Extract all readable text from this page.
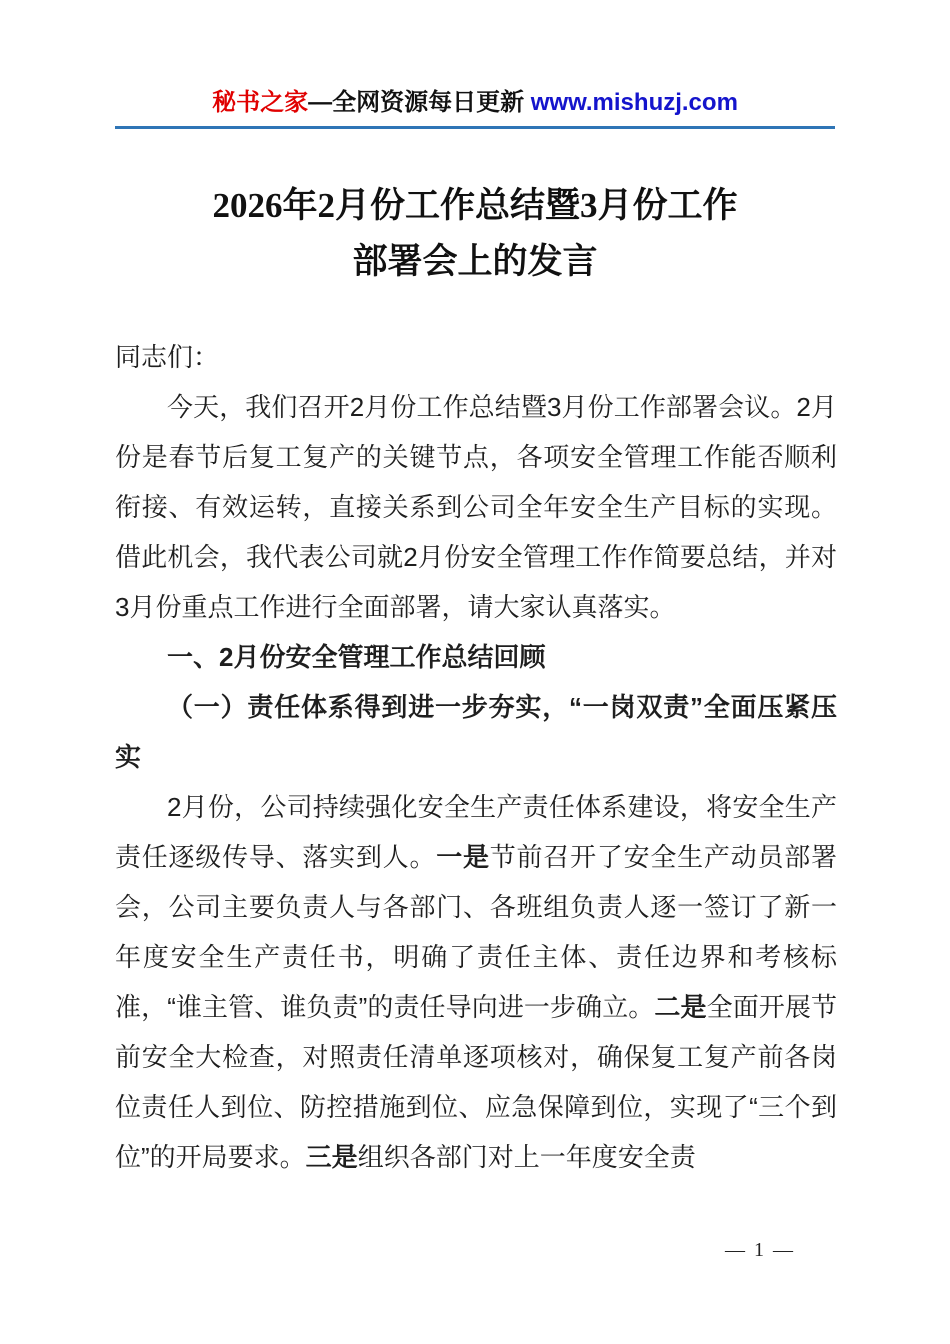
秘书之家—全网资源每日更新 www.mishuzj.com
2026年2月份工作总结暨3月份工作
部署会上的发言

同志们：

今天，我们召开2月份工作总结暨3月份工作部署会议。2月份是春节后复工复产的关键节点，各项安全管理工作能否顺利衔接、有效运转，直接关系到公司全年安全生产目标的实现。借此机会，我代表公司就2月份安全管理工作作简要总结，并对3月份重点工作进行全面部署，请大家认真落实。

一、2月份安全管理工作总结回顾

（一）责任体系得到进一步夯实，“一岗双责”全面压紧压实

2月份，公司持续强化安全生产责任体系建设，将安全生产责任逐级传导、落实到人。一是节前召开了安全生产动员部署会，公司主要负责人与各部门、各班组负责人逐一签订了新一年度安全生产责任书，明确了责任主体、责任边界和考核标准，“谁主管、谁负责”的责任导向进一步确立。二是全面开展节前安全大检查，对照责任清单逐项核对，确保复工复产前各岗位责任人到位、防控措施到位、应急保障到位，实现了“三个到位”的开局要求。三是组织各部门对上一年度安全责

— 1 —
